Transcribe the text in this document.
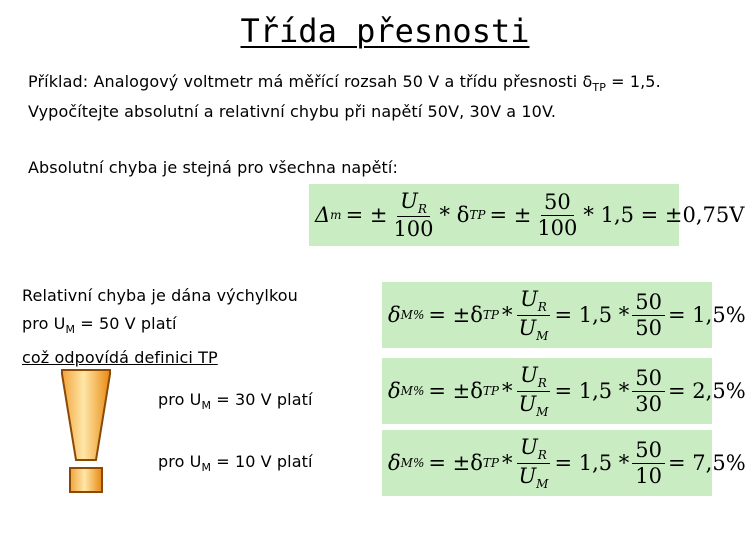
Třída přesnosti
Příklad: Analogový voltmetr má měřící rozsah 50 V a třídu přesnosti $\delta_{TP} = 1,5$.
Vypočítejte absolutní a relativní chybu při napětí 50V, 30V a 10V.
Absolutní chyba je stejná pro všechna napětí:
Δ m = ± $\frac{U_R}{100}$ * δ TP = ± $\frac{50}{100} * 1,5 = \pm 0,75V$
Relativní chyba je dána výchylkou
pro $U_M = 50$ V platí
což odpovídá definici TP
pro $U_M = 30$ V platí
pro $U_M = 10$ V platí
δ M% = ±δ TP * $\frac{U_R}{U_M} = 1,5 * \frac{50}{50} = 1,5\%$
δ M% = ±δ TP * $\frac{U_R}{U_M} = 1,5 * \frac{50}{30} = 2,5\%$
δ M% = ±δ TP * $\frac{U_R}{U_M} = 1,5 * \frac{50}{10} = 7,5\%$
